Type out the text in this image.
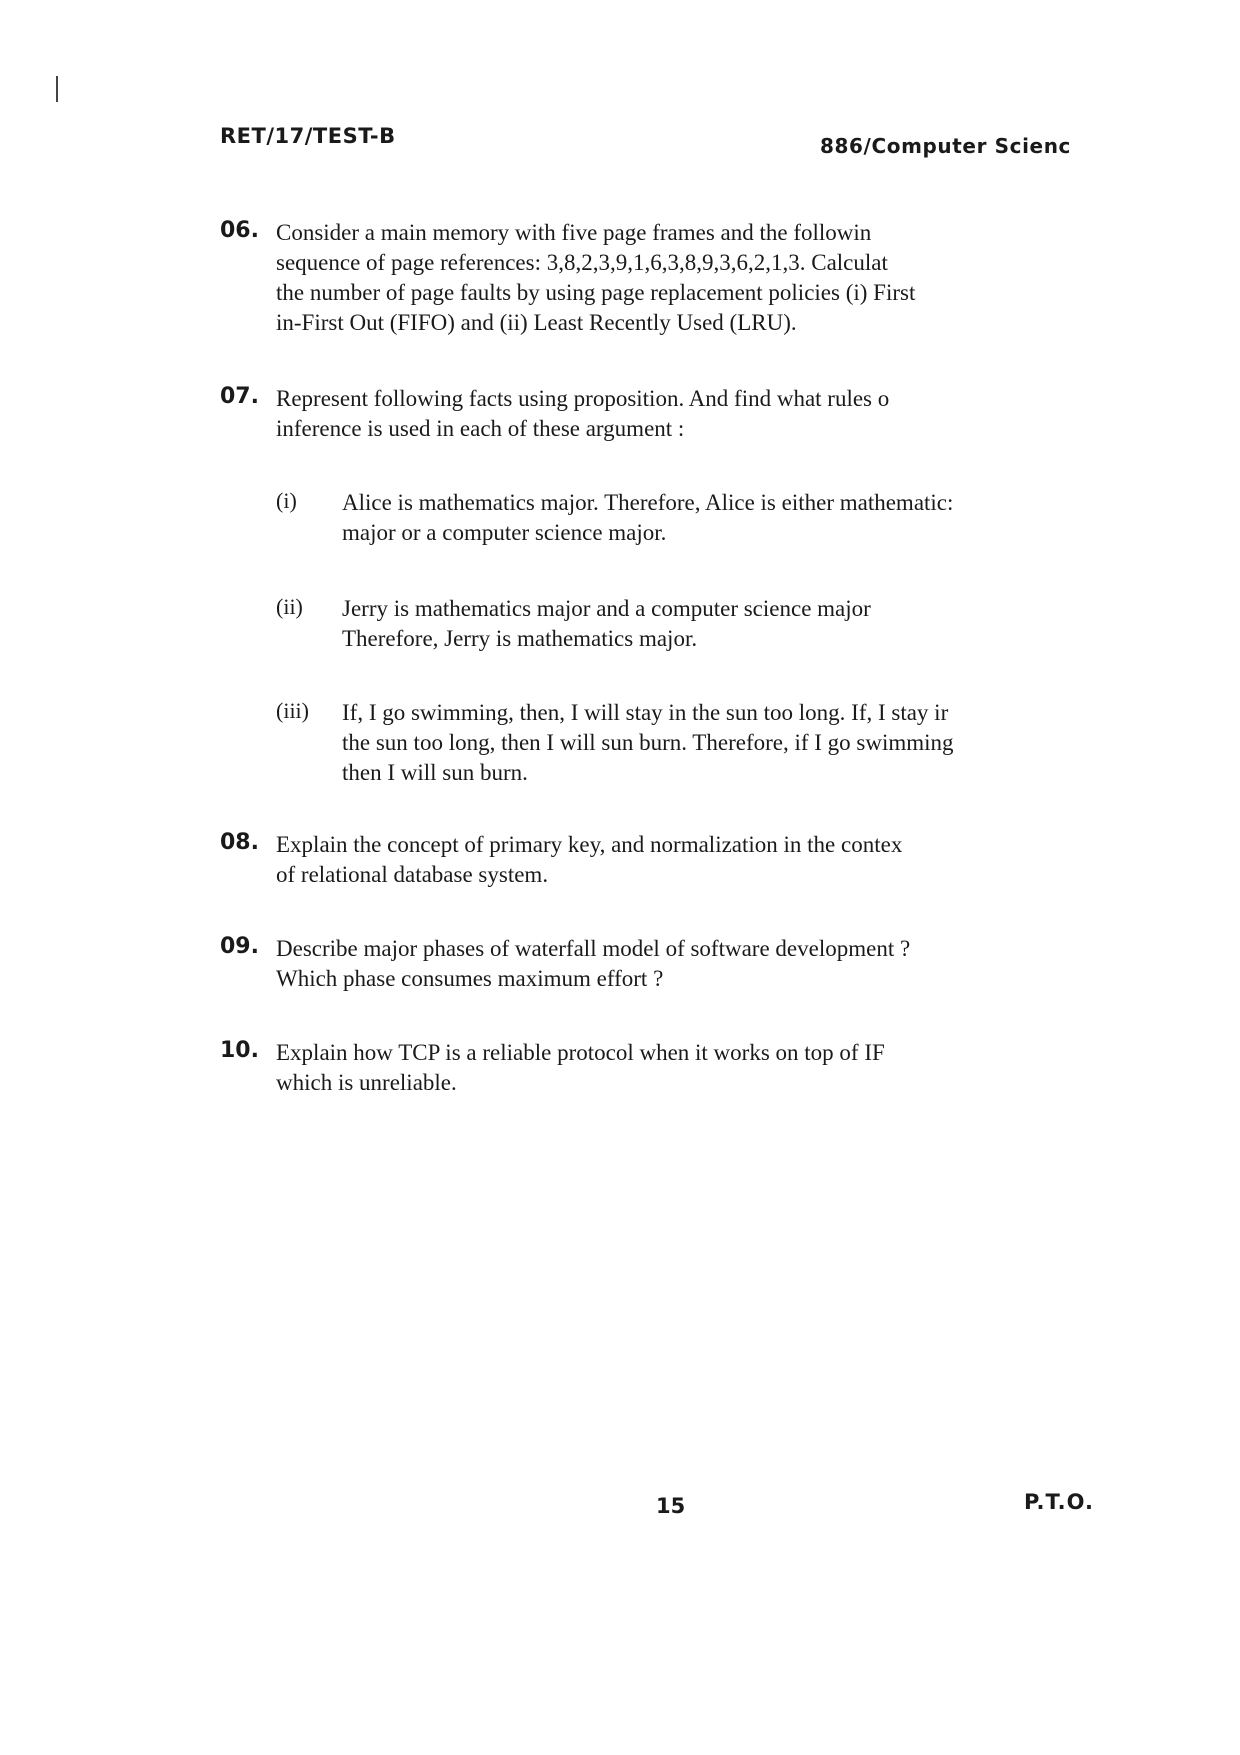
RET/17/TEST-B	886/Computer Scienc
06. Consider a main memory with five page frames and the followin
sequence of page references: 3,8,2,3,9,1,6,3,8,9,3,6,2,1,3. Calculat
the number of page faults by using page replacement policies (i) First
in-First Out (FIFO) and (ii) Least Recently Used (LRU).
07. Represent following facts using proposition. And find what rules o
inference is used in each of these argument :
(i) Alice is mathematics major. Therefore, Alice is either mathematic:
major or a computer science major.
(ii) Jerry is mathematics major and a computer science major
Therefore, Jerry is mathematics major.
(iii) If, I go swimming, then, I will stay in the sun too long. If, I stay ir
the sun too long, then I will sun burn. Therefore, if I go swimming
then I will sun burn.
08. Explain the concept of primary key, and normalization in the contex
of relational database system.
09. Describe major phases of waterfall model of software development ?
Which phase consumes maximum effort ?
10. Explain how TCP is a reliable protocol when it works on top of IF
which is unreliable.
15	P.T.O.
